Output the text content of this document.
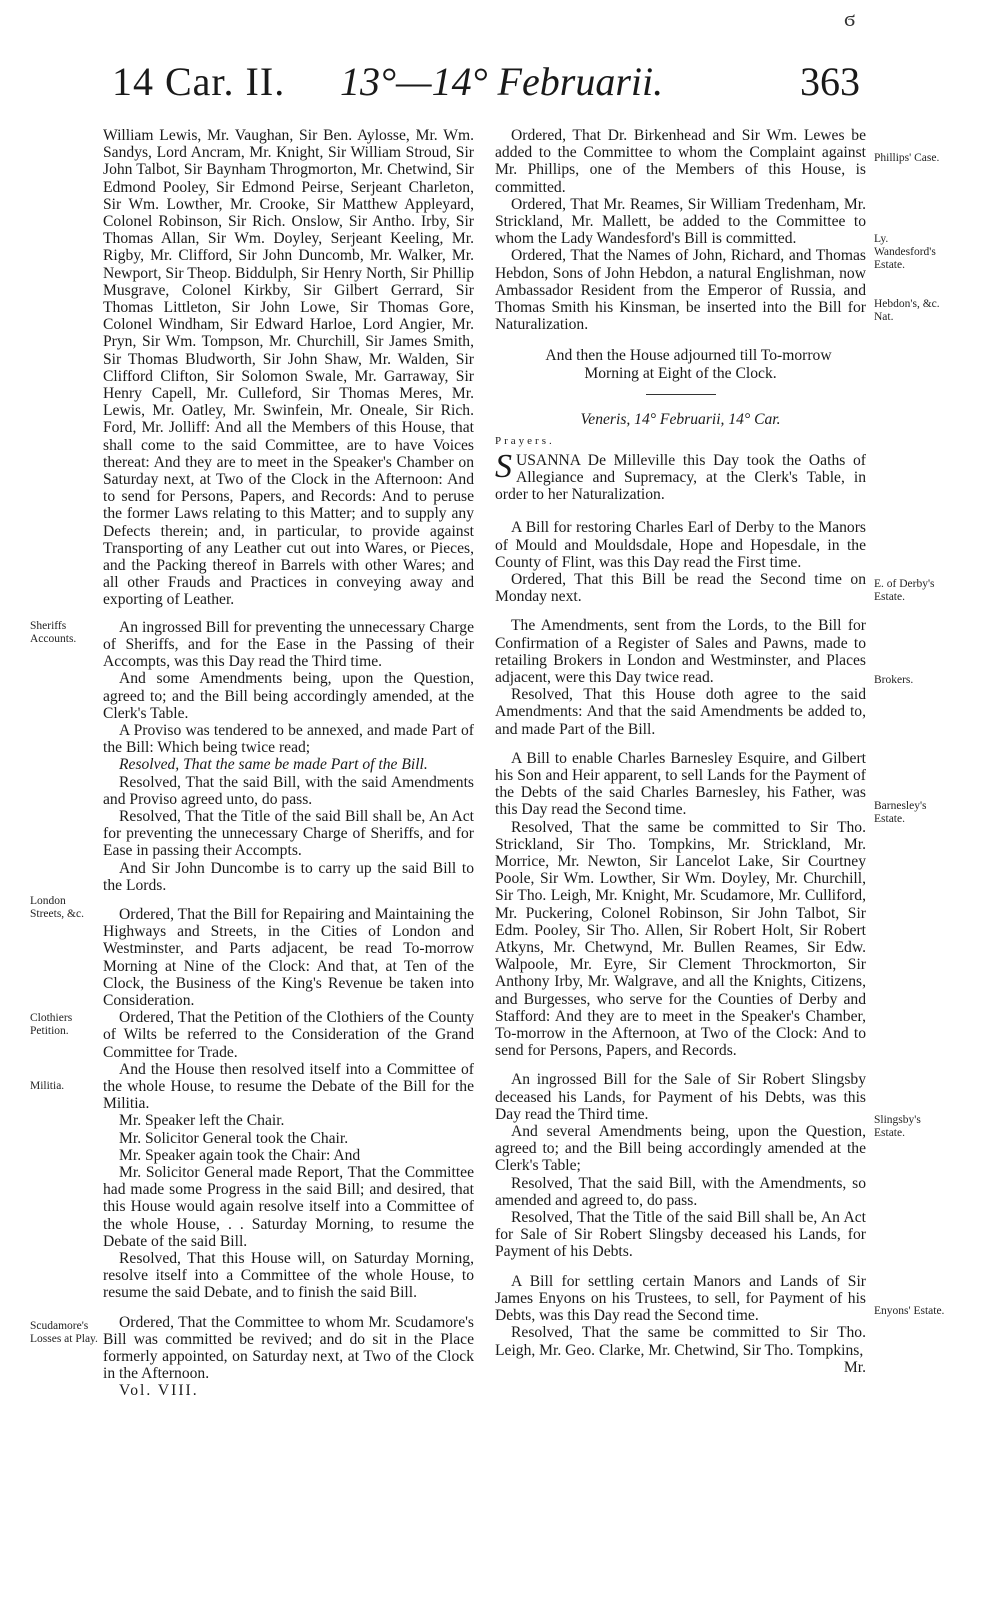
ϭ
14 Car. II. 13°—14° Februarii.	363
Sheriffs Accounts.
London Streets, &c.
Clothiers Petition.
Militia.
Scudamore's Losses at Play.
Phillips' Case.
Ly. Wandesford's Estate.
Hebdon's, &c. Nat.
E. of Derby's Estate.
Brokers.
Barnesley's Estate.
Slingsby's Estate.
Enyons' Estate.

William Lewis, Mr. Vaughan, Sir Ben. Aylosse, Mr. Wm. Sandys, Lord Ancram, Mr. Knight, Sir William Stroud, Sir John Talbot, Sir Baynham Throgmorton, Mr. Chetwind, Sir Edmond Pooley, Sir Edmond Peirse, Serjeant Charleton, Sir Wm. Lowther, Mr. Crooke, Sir Matthew Appleyard, Colonel Robinson, Sir Rich. Onslow, Sir Antho. Irby, Sir Thomas Allan, Sir Wm. Doyley, Serjeant Keeling, Mr. Rigby, Mr. Clifford, Sir John Duncomb, Mr. Walker, Mr. Newport, Sir Theop. Biddulph, Sir Henry North, Sir Phillip Musgrave, Colonel Kirkby, Sir Gilbert Gerrard, Sir Thomas Littleton, Sir John Lowe, Sir Thomas Gore, Colonel Windham, Sir Edward Harloe, Lord Angier, Mr. Pryn, Sir Wm. Tompson, Mr. Churchill, Sir James Smith, Sir Thomas Bludworth, Sir John Shaw, Mr. Walden, Sir Clifford Clifton, Sir Solomon Swale, Mr. Garraway, Sir Henry Capell, Mr. Culleford, Sir Thomas Meres, Mr. Lewis, Mr. Oatley, Mr. Swinfein, Mr. Oneale, Sir Rich. Ford, Mr. Jolliff: And all the Members of this House, that shall come to the said Committee, are to have Voices thereat: And they are to meet in the Speaker's Chamber on Saturday next, at Two of the Clock in the Afternoon: And to send for Persons, Papers, and Records: And to peruse the former Laws relating to this Matter; and to supply any Defects therein; and, in particular, to provide against Transporting of any Leather cut out into Wares, or Pieces, and the Packing thereof in Barrels with other Wares; and all other Frauds and Practices in conveying away and exporting of Leather.

An ingrossed Bill for preventing the unnecessary Charge of Sheriffs, and for the Ease in the Passing of their Accompts, was this Day read the Third time.

And some Amendments being, upon the Question, agreed to; and the Bill being accordingly amended, at the Clerk's Table.

A Proviso was tendered to be annexed, and made Part of the Bill: Which being twice read;

Resolved, That the same be made Part of the Bill.

Resolved, That the said Bill, with the said Amendments and Proviso agreed unto, do pass.

Resolved, That the Title of the said Bill shall be, An Act for preventing the unnecessary Charge of Sheriffs, and for Ease in passing their Accompts.

And Sir John Duncombe is to carry up the said Bill to the Lords.

Ordered, That the Bill for Repairing and Maintaining the Highways and Streets, in the Cities of London and Westminster, and Parts adjacent, be read To-morrow Morning at Nine of the Clock: And that, at Ten of the Clock, the Business of the King's Revenue be taken into Consideration.

Ordered, That the Petition of the Clothiers of the County of Wilts be referred to the Consideration of the Grand Committee for Trade.

And the House then resolved itself into a Committee of the whole House, to resume the Debate of the Bill for the Militia.

Mr. Speaker left the Chair.

Mr. Solicitor General took the Chair.

Mr. Speaker again took the Chair: And

Mr. Solicitor General made Report, That the Committee had made some Progress in the said Bill; and desired, that this House would again resolve itself into a Committee of the whole House, . . Saturday Morning, to resume the Debate of the said Bill.

Resolved, That this House will, on Saturday Morning, resolve itself into a Committee of the whole House, to resume the said Debate, and to finish the said Bill.

Ordered, That the Committee to whom Mr. Scudamore's Bill was committed be revived; and do sit in the Place formerly appointed, on Saturday next, at Two of the Clock in the Afternoon.

Vol. VIII.

Ordered, That Dr. Birkenhead and Sir Wm. Lewes be added to the Committee to whom the Complaint against Mr. Phillips, one of the Members of this House, is committed.

Ordered, That Mr. Reames, Sir William Tredenham, Mr. Strickland, Mr. Mallett, be added to the Committee to whom the Lady Wandesford's Bill is committed.

Ordered, That the Names of John, Richard, and Thomas Hebdon, Sons of John Hebdon, a natural Englishman, now Ambassador Resident from the Emperor of Russia, and Thomas Smith his Kinsman, be inserted into the Bill for Naturalization.

And then the House adjourned till To-morrow Morning at Eight of the Clock.

Veneris, 14° Februarii, 14° Car.
Prayers.
S USANNA De Milleville this Day took the Oaths of Allegiance and Supremacy, at the Clerk's Table, in order to her Naturalization.

A Bill for restoring Charles Earl of Derby to the Manors of Mould and Mouldsdale, Hope and Hopesdale, in the County of Flint, was this Day read the First time.

Ordered, That this Bill be read the Second time on Monday next.

The Amendments, sent from the Lords, to the Bill for Confirmation of a Register of Sales and Pawns, made to retailing Brokers in London and Westminster, and Places adjacent, were this Day twice read.

Resolved, That this House doth agree to the said Amendments: And that the said Amendments be added to, and made Part of the Bill.

A Bill to enable Charles Barnesley Esquire, and Gilbert his Son and Heir apparent, to sell Lands for the Payment of the Debts of the said Charles Barnesley, his Father, was this Day read the Second time.

Resolved, That the same be committed to Sir Tho. Strickland, Sir Tho. Tompkins, Mr. Strickland, Mr. Morrice, Mr. Newton, Sir Lancelot Lake, Sir Courtney Poole, Sir Wm. Lowther, Sir Wm. Doyley, Mr. Churchill, Sir Tho. Leigh, Mr. Knight, Mr. Scudamore, Mr. Culliford, Mr. Puckering, Colonel Robinson, Sir John Talbot, Sir Edm. Pooley, Sir Tho. Allen, Sir Robert Holt, Sir Robert Atkyns, Mr. Chetwynd, Mr. Bullen Reames, Sir Edw. Walpoole, Mr. Eyre, Sir Clement Throckmorton, Sir Anthony Irby, Mr. Walgrave, and all the Knights, Citizens, and Burgesses, who serve for the Counties of Derby and Stafford: And they are to meet in the Speaker's Chamber, To-morrow in the Afternoon, at Two of the Clock: And to send for Persons, Papers, and Records.

An ingrossed Bill for the Sale of Sir Robert Slingsby deceased his Lands, for Payment of his Debts, was this Day read the Third time.

And several Amendments being, upon the Question, agreed to; and the Bill being accordingly amended at the Clerk's Table;

Resolved, That the said Bill, with the Amendments, so amended and agreed to, do pass.

Resolved, That the Title of the said Bill shall be, An Act for Sale of Sir Robert Slingsby deceased his Lands, for Payment of his Debts.

A Bill for settling certain Manors and Lands of Sir James Enyons on his Trustees, to sell, for Payment of his Debts, was this Day read the Second time.

Resolved, That the same be committed to Sir Tho. Leigh, Mr. Geo. Clarke, Mr. Chetwind, Sir Tho. Tompkins,

Mr.
